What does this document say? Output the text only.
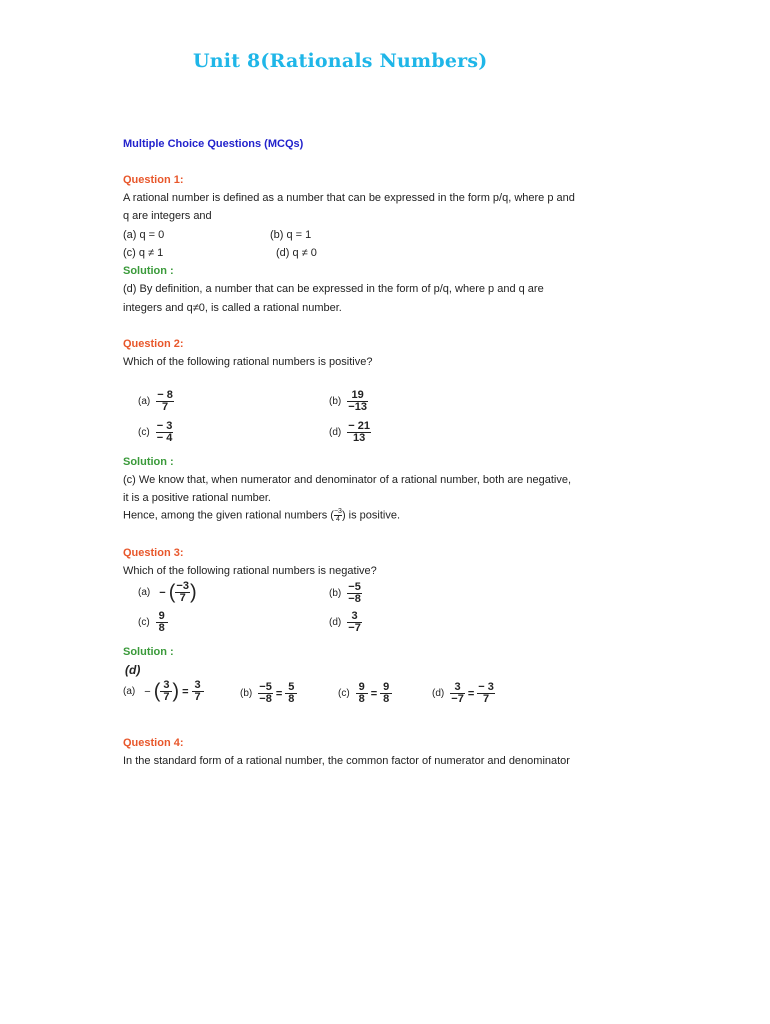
Unit 8(Rationals Numbers)
Multiple Choice Questions (MCQs)
Question 1:
A rational number is defined as a number that can be expressed in the form p/q, where p and
q are integers and
(a) q = 0	(b) q = 1
(c) q ≠ 1	(d) q ≠ 0
Solution :
(d) By definition, a number that can be expressed in the form of p/q, where p and q are
integers and q≠0, is called a rational number.
Question 2:
Which of the following rational numbers is positive?
$(a) \frac{- 8}{7}$	$(b) \frac{19}{-13}$
$(c) \frac{- 3}{- 4}$	$(d) \frac{- 21}{13}$
Solution :
(c) We know that, when numerator and denominator of a rational number, both are negative,
it is a positive rational number.
Hence, among the given rational numbers ( $\frac{-3}{4}$ ) is positive.
Question 3:
Which of the following rational numbers is negative?
(a) − ( $\frac{-3}{7}$ )	$(b) \frac{-5}{-8}$
$(c) \frac{9}{8}$	$(d) \frac{3}{-7}$
Solution :
(d)
(a) − ( $\frac{3}{7}$ ) = $\frac{3}{7}$	$(b) \frac{-5}{-8} = \frac{5}{8}$	$(c) \frac{9}{8} = \frac{9}{8}$	$(d) \frac{3}{-7} = \frac{- 3}{7}$
Question 4:
In the standard form of a rational number, the common factor of numerator and denominator
